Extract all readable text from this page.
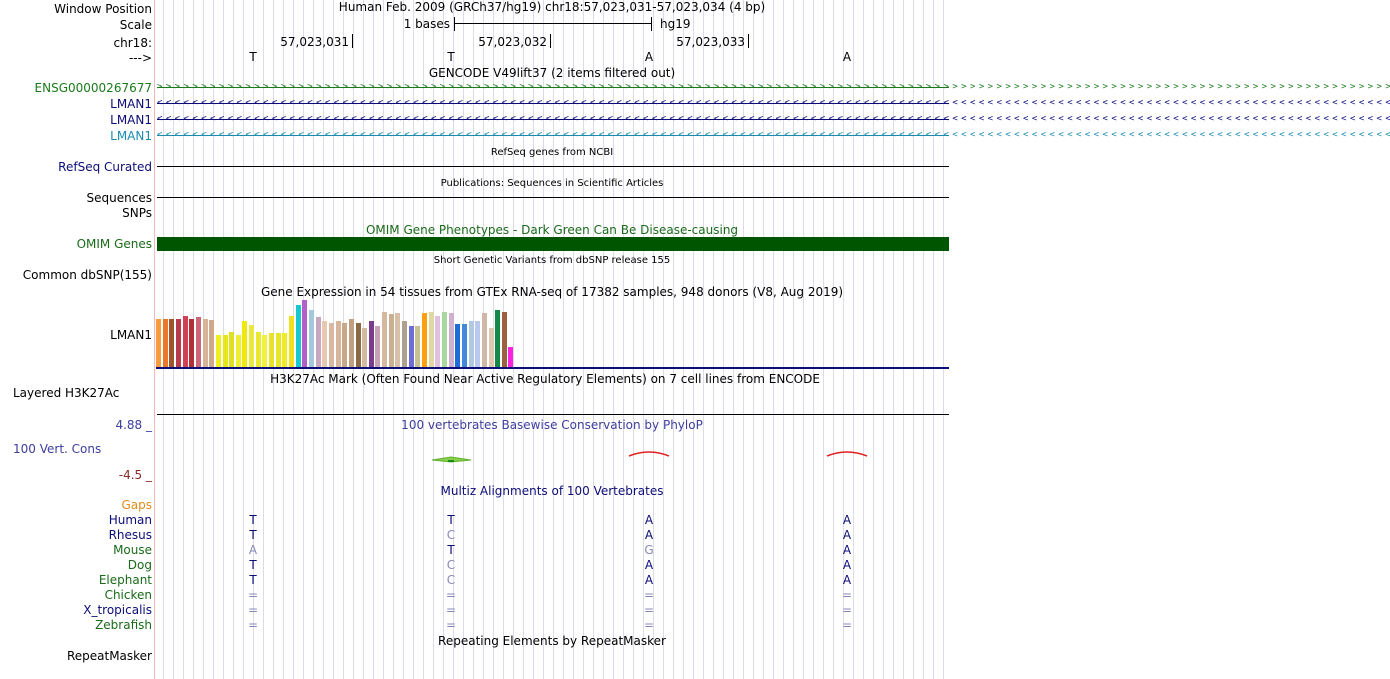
Window Position	Human Feb. 2009 (GRCh37/hg19) chr18:57,023,031-57,023,034 (4 bp)
Scale	1 bases	hg19
chr18:	57,023,031	57,023,032	57,023,033
--->	T	T	A	A
GENCODE V49lift37 (2 items filtered out)
ENSG00000267677 > > > > > > > > > > > > > > > > > > > > > > > > > > > > > > > > > > > > > > > > > > > > > > > > > > > > > > > > > > > > > > > > > > > > > > > > > > > > > > > > > > > > > > > > > > > > > > > > > > > > > > > > > > > > > > > > > > > > > > > > > > > > > > > > > > > > > > > > > > > >
LMAN1 < < < < < < < < < < < < < < < < < < < < < < < < < < < < < < < < < < < < < < < < < < < < < < < < < < < < < < < < < < < < < < < < < < < < < < < < < < < < < < < < < < < < < < < < < < < < < < < < < < < < < < < < < < < < < < < < < < < < < < < < < < < < < < < < < < < < < < < < < < < <
LMAN1 < < < < < < < < < < < < < < < < < < < < < < < < < < < < < < < < < < < < < < < < < < < < < < < < < < < < < < < < < < < < < < < < < < < < < < < < < < < < < < < < < < < < < < < < < < < < < < < < < < < < < < < < < < < < < < < < < < < < < < < < < < < < < < < < < < < < < < < < < < < <
LMAN1 < < < < < < < < < < < < < < < < < < < < < < < < < < < < < < < < < < < < < < < < < < < < < < < < < < < < < < < < < < < < < < < < < < < < < < < < < < < < < < < < < < < < < < < < < < < < < < < < < < < < < < < < < < < < < < < < < < < < < < < < < < < < < < < < < < < < < < < < < < < <
RefSeq genes from NCBI
RefSeq Curated
Publications: Sequences in Scientific Articles
Sequences
SNPs
OMIM Gene Phenotypes - Dark Green Can Be Disease-causing
OMIM Genes
Short Genetic Variants from dbSNP release 155
Common dbSNP(155)
Gene Expression in 54 tissues from GTEx RNA-seq of 17382 samples, 948 donors (V8, Aug 2019)
LMAN1
H3K27Ac Mark (Often Found Near Active Regulatory Elements) on 7 cell lines from ENCODE
Layered H3K27Ac
100 vertebrates Basewise Conservation by PhyloP
4.88 _
100 Vert. Cons
-4.5 _
Multiz Alignments of 100 Vertebrates
Gaps
Human	T	T	A	A
Rhesus	T	C	A	A
Mouse	A	T	G	A
Dog	T	C	A	A
Elephant	T	C	A	A
Chicken	=	=	=	=
X_tropicalis	=	=	=	=
Zebrafish	=	=	=	=
Repeating Elements by RepeatMasker
RepeatMasker
